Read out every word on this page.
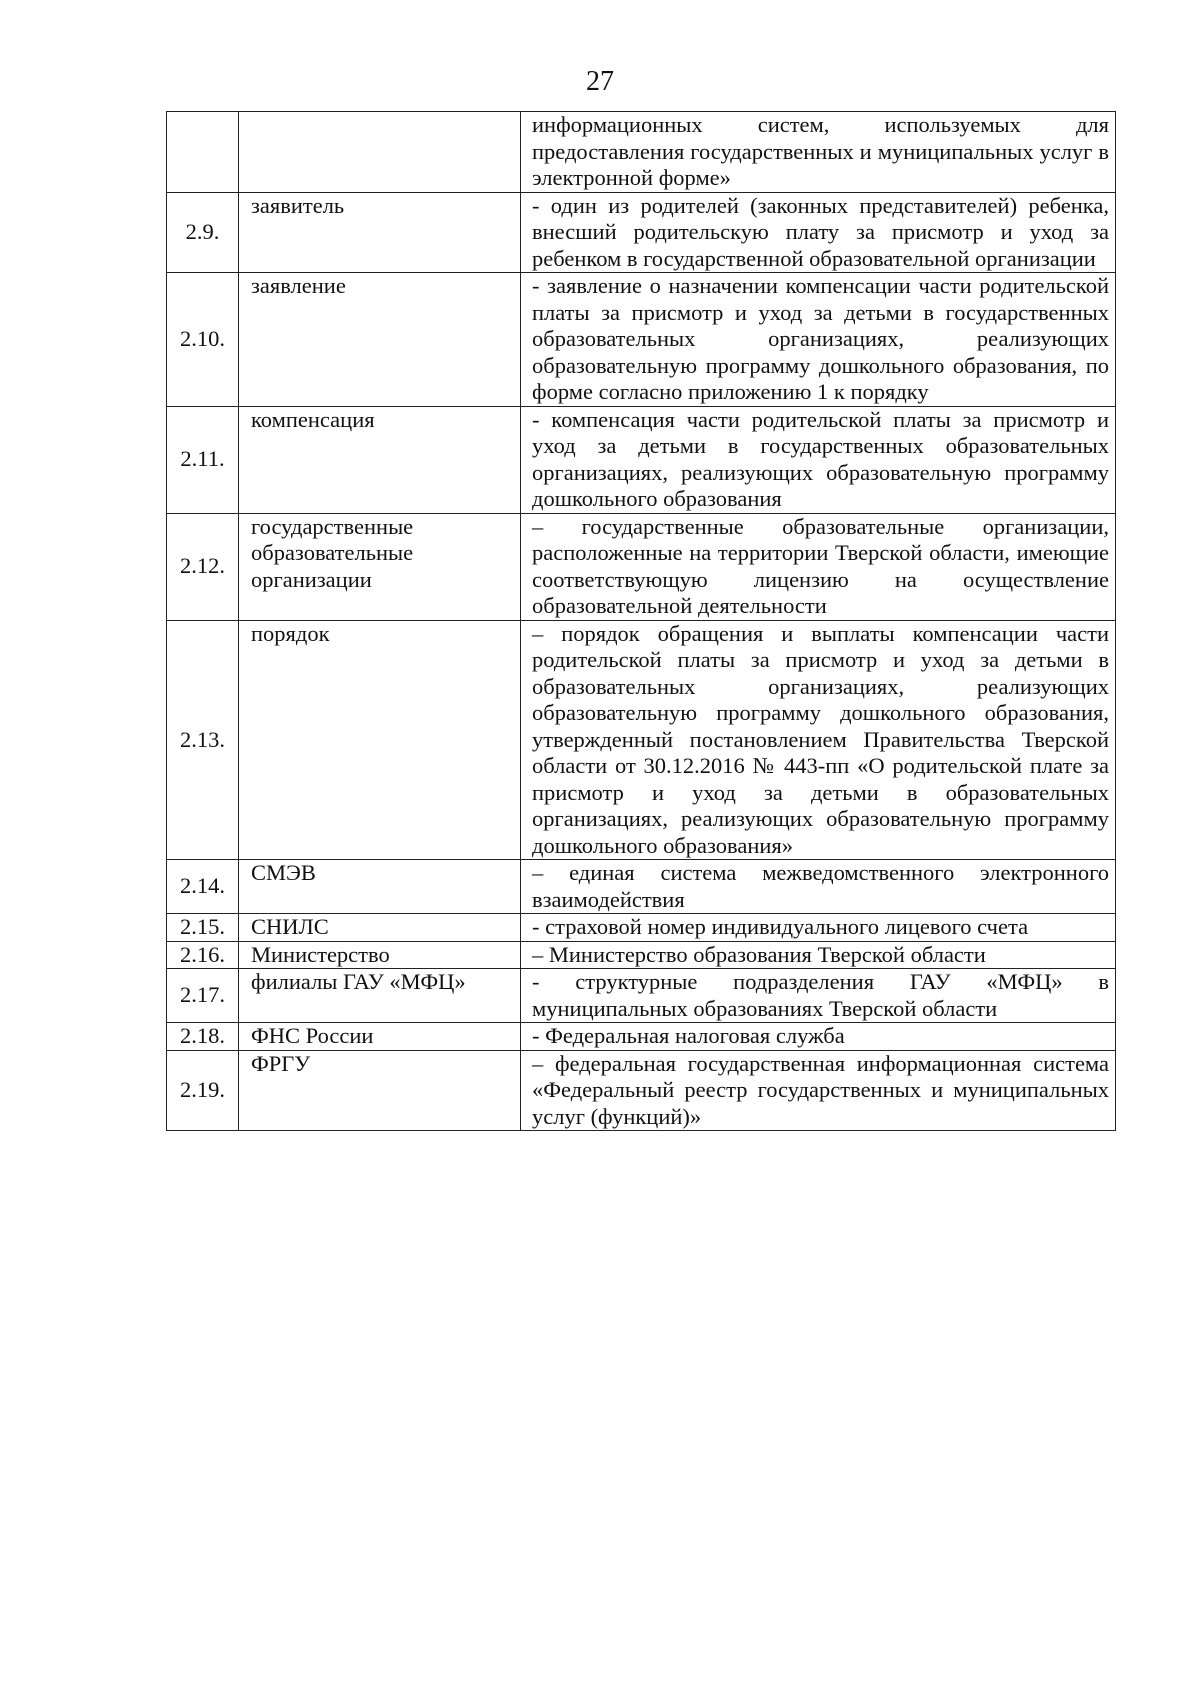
27
		информационных систем, используемых для предоставления государственных и муниципальных услуг в электронной форме»
2.9.	заявитель	- один из родителей (законных представителей) ребенка, внесший родительскую плату за присмотр и уход за ребенком в государственной образовательной организации
2.10.	заявление	- заявление о назначении компенсации части родительской платы за присмотр и уход за детьми в государственных образовательных организациях, реализующих образовательную программу дошкольного образования, по форме согласно приложению 1 к порядку
2.11.	компенсация	- компенсация части родительской платы за присмотр и уход за детьми в государственных образовательных организациях, реализующих образовательную программу дошкольного образования
2.12.	государственные образовательные организации	– государственные образовательные организации, расположенные на территории Тверской области, имеющие соответствующую лицензию на осуществление образовательной деятельности
2.13.	порядок	– порядок обращения и выплаты компенсации части родительской платы за присмотр и уход за детьми в образовательных организациях, реализующих образовательную программу дошкольного образования, утвержденный постановлением Правительства Тверской области от 30.12.2016 № 443-пп «О родительской плате за присмотр и уход за детьми в образовательных организациях, реализующих образовательную программу дошкольного образования»
2.14.	СМЭВ	– единая система межведомственного электронного взаимодействия
2.15.	СНИЛС	- страховой номер индивидуального лицевого счета
2.16.	Министерство	– Министерство образования Тверской области
2.17.	филиалы ГАУ «МФЦ»	- структурные подразделения ГАУ «МФЦ» в муниципальных образованиях Тверской области
2.18.	ФНС России	- Федеральная налоговая служба
2.19.	ФРГУ	– федеральная государственная информационная система «Федеральный реестр государственных и муниципальных услуг (функций)»
